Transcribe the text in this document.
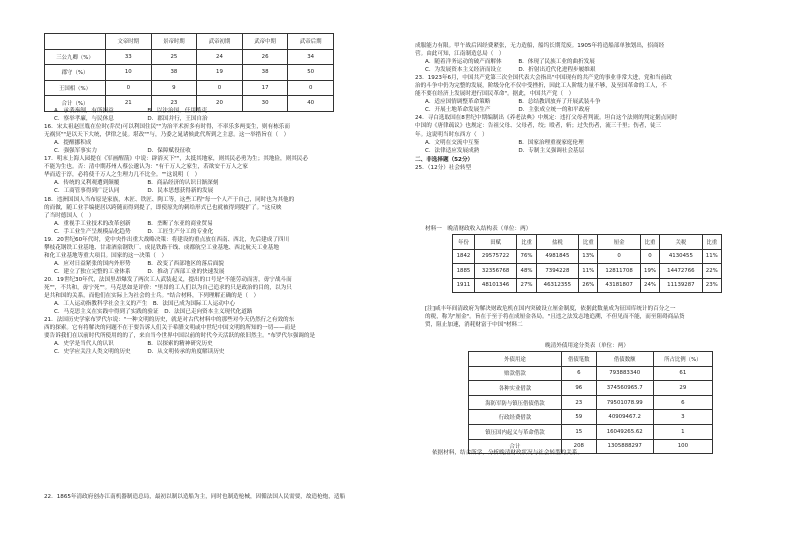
	文帝时期	景帝时期	武帝初期	武帝中期	武帝后期
三公九卿（%）	33	25	24	26	34
郡守（%）	10	38	19	38	50
王国相（%）	0	9	0	17	0
合计（%）	21	23	20	30	40
A．承袭秦制，有所损益　　　　　　B．以法治国，任用酷吏
C．察举孝廉，与民休息　　　　　　D．郡国并行，王国自治
16．宋太祖赵匡胤在位时(乔昃)可以利国住民""为治平术折多有时得，不率乐多两变生，则有栋乐而
无祸冥""是以天下大统，伊律之徒。堪改""与，乃委之晁诸候此代所到之主意。这一举措旨在（　）
A．提醒挪积成
C．强强军事实力　　　　　　　　　D．保障赋役征收
17．明末上海人园提在《军画醒箭》中说：辟浴灭下""，太抵其地家，则其民必勇为生；其地俭，则其民必
不能为生也。否：清中期苏州人蔡公邈认为："有千万人之家生，若欲安千万人之家
华而适于淳，必将使千万人之生理力几不比全。""这说明（　）
A．传统的义利观遭到颠覆　　　　　B．商品经济的认识日渐深刻
C．工商管事得到广泛认同　　　　　D．民本思想获得新的发展
18．违洲国国人当布原是家族，木匠、铁匠、陶工等，这些工程"每一个人产于自己，同时也为其他的
的而做，随工业手编捷居以跨随而得到提了，即使原先的刺给形式已也就被得到提扩了。"这反映
了当时德国人（　）
A．重视手工业技术的改革创新　　　B．垄断了东亚的商业贸易
C．手工业生产呈规模品化趋势　　　D．工匠生产分工的专业化
19．20世纪60年代时，党中央作出重大战略决策：将建设的重点放在西南、西北，先后建成了四川
攀枝花钢铁工业基地、甘肃酒泉钢铁厂、成昆铁路干线、成都航空工业基地、西北航天工业基地
和化工业基地等重大项目。国家的这一决策（　）
A．应对日益紧张的国内外形势　　　B．改变了西部地区的落后面貌
C．建立了独立完整的工业体系　　　D．推动了西部工业的快速发展
20．19世纪30年代，法国里昂爆发了两次工人武装起义，提出的口号是"不能劳动而害，毋宁战斗而
死""，不共和，毋宁死""。马克思如是评价："里昂的工人们以为自己追求的只是政治的目的，以为只
是共和国的关系，而他们在实际上为社会的士兵。"结合材料，下列理解正确的是（　）
A．工人运动指教科学社会主义的产生　B．法国已成为国际工人运动中心
C．马克思主义在实践中得到了实践的验证　D．法国已走向资本主义现代化道路
21．法国历史学家布罗代尔说："一种文明的历史，就是对古代材料中的那些对今天仍然行之有效的东
西的探索。它有将解决的问题不在于要告诉人们关于希腊文明或中世纪中国文明的所知的一切——而是
要告诉我们在以前时代所使用的的了，来自当今世界中国以前的时代今天活跃的依旧然主。"布罗代尔强调的是
A．史学是当代人的认识　　　　　　B．以探索的精神研究历史
C．史学应关注人类文明的历史　　　D．从文明传承的角度解读历史
22．1865年清政府创办江南机器制造总局，最初以制以造船为主，同时也制造枪械，因循法国人民需要，故造枪炮，适船
成服能力有限。甲午战后因经费紧张，无力造船，船坞长期荒废。1905年将造船部单独划出，招商经
营。由此可知，江南制造总局（　）
A．随着洋务运动的破产而解体　　　B．体现了民族工业的曲折发展
C．为发展资本主义经济而设立　　　D．折射出近代化进程步履维艰
23．1923年6月，中国共产党第三次全国代表大会指出"中国现有的共产党的事业非常大进，党和当前政
治的斗争中仍为完整的发展，阶级分化不仅中受挫折，因此工人阶级力量不够，及至国革命的工人，不
能不要在经济上发展时进行国民革命"。据此，中国共产党（　）
A．适应国情调整革命策略　　　　　B．总结教训放弃了开展武装斗争
C．开展土地革命发展生产　　　　　D．主张成立统一的和平政府
24．寻白选取国在8世纪中期编制出《养老法典》中规定：违打父母者判流。坦白这个法则的判定据点同时
中国的《唐律疏议》也规定：告祖父母、父母者，绞；殴者，斩；过失伤者，流三千里；伤者，徒三
年。这说明当时东西方（　）
A．文明在交流中互鉴　　　　　　　B．国家治理重视家庭伦理
C．法律适应发展成熟　　　　　　　D．专制主义强调社会基层
二、非选择题（52分）
25．（12分）社会转型
材料一　晚清财政收入结构表（单位：两）
年份	田赋	比重	盐税	比重	厘金	比重	关税	比重
1842	29575722	76%	4981845	13%	0	0	4130455	11%
1885	32356768	48%	7394228	11%	12811708	19%	14472766	22%
1911	48101346	27%	46312355	26%	43181807	24%	11139287	23%
[注]咸丰年间清政府为解决财政危机在国内突破设立厘金制度，依据此数量成为征国库统计的百分之一
的税，称为"厘金"。旨在于至于将在成厘金各局。"且违之法发志地追溯，不但见而不能，而至阻碍商品货
贸，阻止加速，消耗财富于中国"材料二
晚清外债用途分类表（单位：两）
外债用途	借债笔数	借债数额	所占比例（%）
赔款借款	6	793883340	61
各种实业借款	96	374560965.7	29
海防军防与镇压借债借款	23	79501078.99	6
行政经费借款	59	40909467.2	3
镇压国内起义与革命借款	15	16049265.62	1
合计	208	1305888297	100
依据材料，结合所学，分析晚清财政状况与社会转型的关系。
